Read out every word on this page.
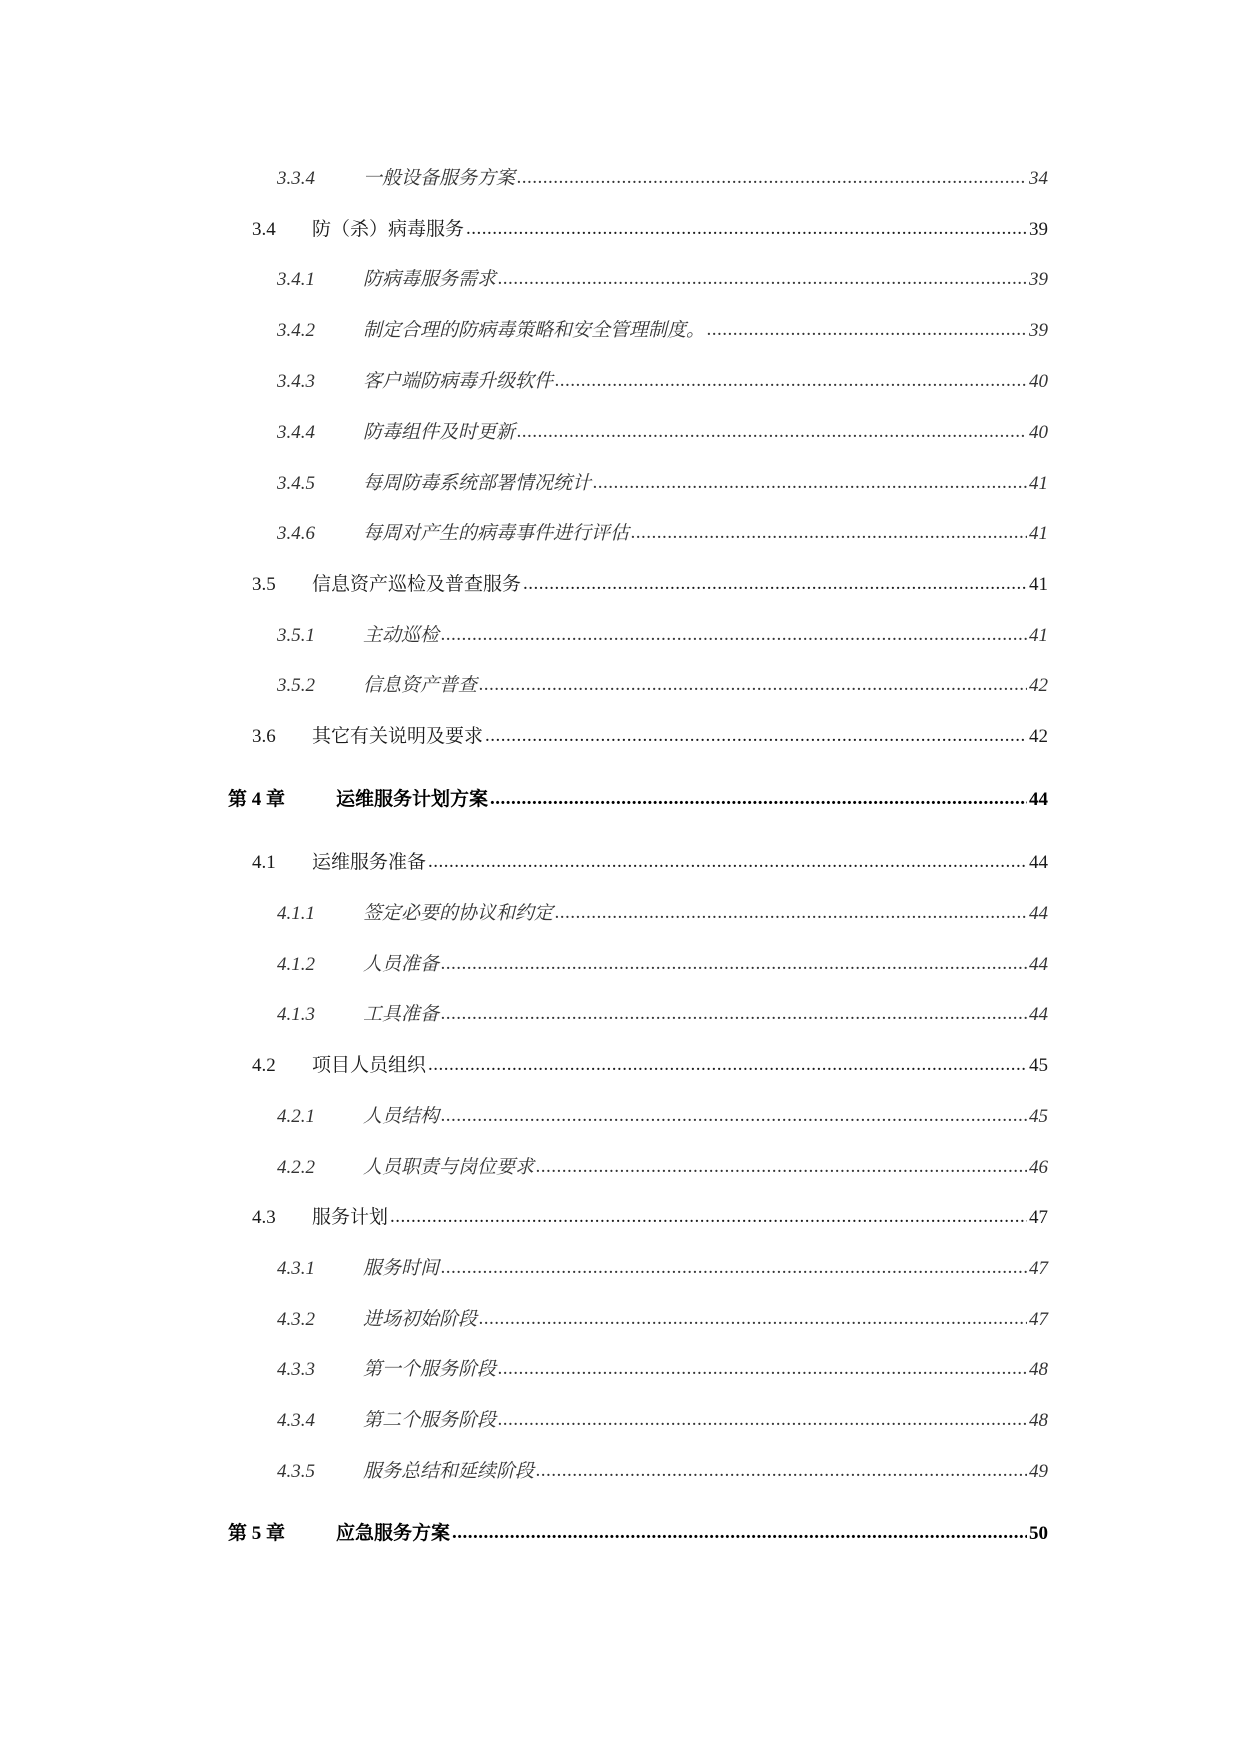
3.3.4	一般设备服务方案 .....	34
3.4	防（杀）病毒服务 .....	39
3.4.1	防病毒服务需求 .....	39
3.4.2	制定合理的防病毒策略和安全管理制度。 .....	39
3.4.3	客户端防病毒升级软件 .....	40
3.4.4	防毒组件及时更新 .....	40
3.4.5	每周防毒系统部署情况统计 .....	41
3.4.6	每周对产生的病毒事件进行评估 .....	41
3.5	信息资产巡检及普查服务 .....	41
3.5.1	主动巡检 .....	41
3.5.2	信息资产普查 .....	42
3.6	其它有关说明及要求 .....	42
第 4 章	运维服务计划方案 .....	44
4.1	运维服务准备 .....	44
4.1.1	签定必要的协议和约定 .....	44
4.1.2	人员准备 .....	44
4.1.3	工具准备 .....	44
4.2	项目人员组织 .....	45
4.2.1	人员结构 .....	45
4.2.2	人员职责与岗位要求 .....	46
4.3	服务计划 .....	47
4.3.1	服务时间 .....	47
4.3.2	进场初始阶段 .....	47
4.3.3	第一个服务阶段 .....	48
4.3.4	第二个服务阶段 .....	48
4.3.5	服务总结和延续阶段 .....	49
第 5 章	应急服务方案 .....	50
